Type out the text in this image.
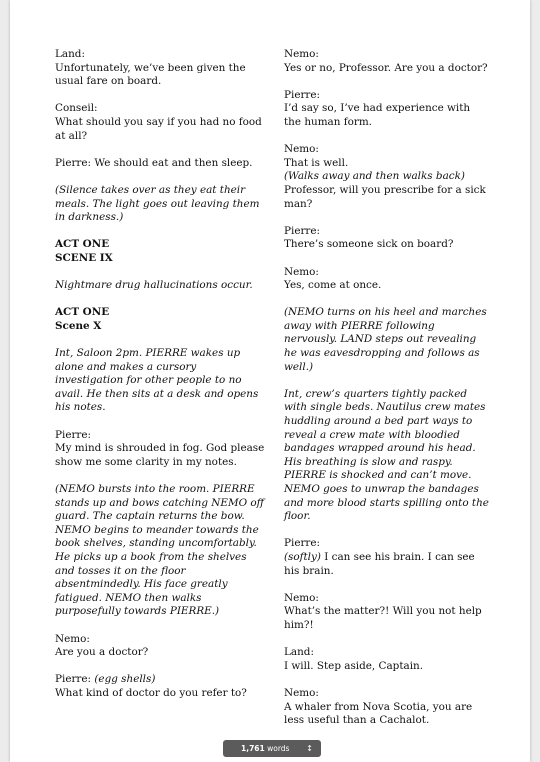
Land:
Unfortunately, we’ve been given the usual fare on board.
Conseil:
What should you say if you had no food at all?
Pierre: We should eat and then sleep.
(Silence takes over as they eat their meals. The light goes out leaving them in darkness.)
ACT ONE
SCENE IX
Nightmare drug hallucinations occur.
ACT ONE
Scene X
Int, Saloon 2pm. PIERRE wakes up alone and makes a cursory investigation for other people to no avail. He then sits at a desk and opens his notes.
Pierre:
My mind is shrouded in fog. God please show me some clarity in my notes.
(NEMO bursts into the room. PIERRE stands up and bows catching NEMO off guard. The captain returns the bow. NEMO begins to meander towards the book shelves, standing uncomfortably. He picks up a book from the shelves and tosses it on the floor absentmindedly. His face greatly fatigued. NEMO then walks purposefully towards PIERRE.)
Nemo:
Are you a doctor?
Pierre: (egg shells)
What kind of doctor do you refer to?
Nemo:
Yes or no, Professor. Are you a doctor?
Pierre:
I’d say so, I’ve had experience with the human form.
Nemo:
That is well.
(Walks away and then walks back)
Professor, will you prescribe for a sick man?
Pierre:
There’s someone sick on board?
Nemo:
Yes, come at once.
(NEMO turns on his heel and marches away with PIERRE following nervously. LAND steps out revealing he was eavesdropping and follows as well.)
Int, crew’s quarters tightly packed with single beds. Nautilus crew mates huddling around a bed part ways to reveal a crew mate with bloodied bandages wrapped around his head. His breathing is slow and raspy. PIERRE is shocked and can’t move. NEMO goes to unwrap the bandages and more blood starts spilling onto the floor.
Pierre:
(softly) I can see his brain. I can see his brain.
Nemo:
What’s the matter?! Will you not help him?!
Land:
I will. Step aside, Captain.
Nemo:
A whaler from Nova Scotia, you are less useful than a Cachalot.
1,761 words ↕
